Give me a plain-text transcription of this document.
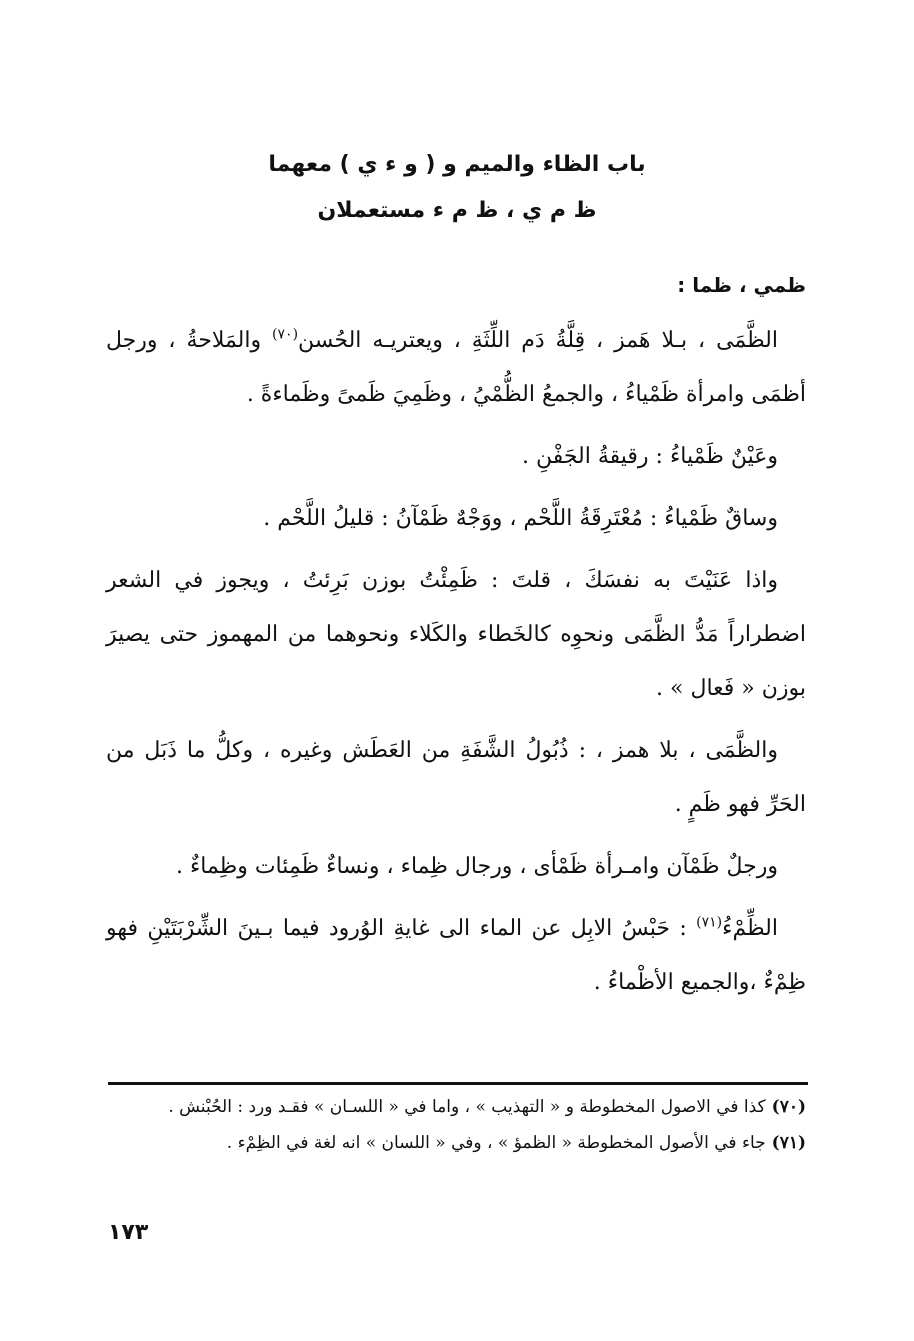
باب الظاء والميم و ( و ء ي ) معهما
ظ م ي ، ظ م ء مستعملان
ظمي ، ظما :

الظَّمَى ، بـلا هَمز ، قِلَّةُ دَم اللِّثَةِ ، ويعتريـه الحُسن$^{(٧٠)}$ والمَلاحةُ ، ورجل أظمَى وامرأة ظَمْياءُ ، والجمعُ الظُّمْيُ ، وظَمِيَ ظَمىً وظَماءةً .

وعَيْنٌ ظَمْياءُ : رقيقةُ الجَفْنِ .

وساقٌ ظَمْياءُ : مُعْتَرِقَةُ اللَّحْم ، ووَجْهٌ ظَمْآنُ : قليلُ اللَّحْم .

واذا عَنَيْتَ به نفسَكَ ، قلتَ : ظَمِئْتُ بوزن بَرِئتُ ، ويجوز في الشعر اضطراراً مَدُّ الظَّمَى ونحوِه كالخَطاء والكَلاء ونحوهما من المهموز حتى يصيرَ بوزن « فَعال » .

والظَّمَى ، بلا همز ، : ذُبُولُ الشَّفَةِ من العَطَش وغيره ، وكلُّ ما ذَبَل من الحَرِّ فهو ظَمٍ .

ورجلٌ ظَمْآن وامـرأة ظَمْأى ، ورجال ظِماء ، ونساءٌ ظَمِئات وظِماءٌ .

الظِّمْءُ$^{(٧١)}$ : حَبْسُ الابِل عن الماء الى غايةِ الوُرود فيما بـينَ الشِّرْبَتَيْنِ فهو ظِمْءٌ ،والجميع الأظْماءُ .

(٧٠)كذا في الاصول المخطوطة و « التهذيب » ، واما في « اللسـان » فقـد ورد : الحُبْنش .

(٧١)جاء في الأصول المخطوطة « الظمؤ » ، وفي « اللسان » انه لغة في الظِمْء .

١٧٣
